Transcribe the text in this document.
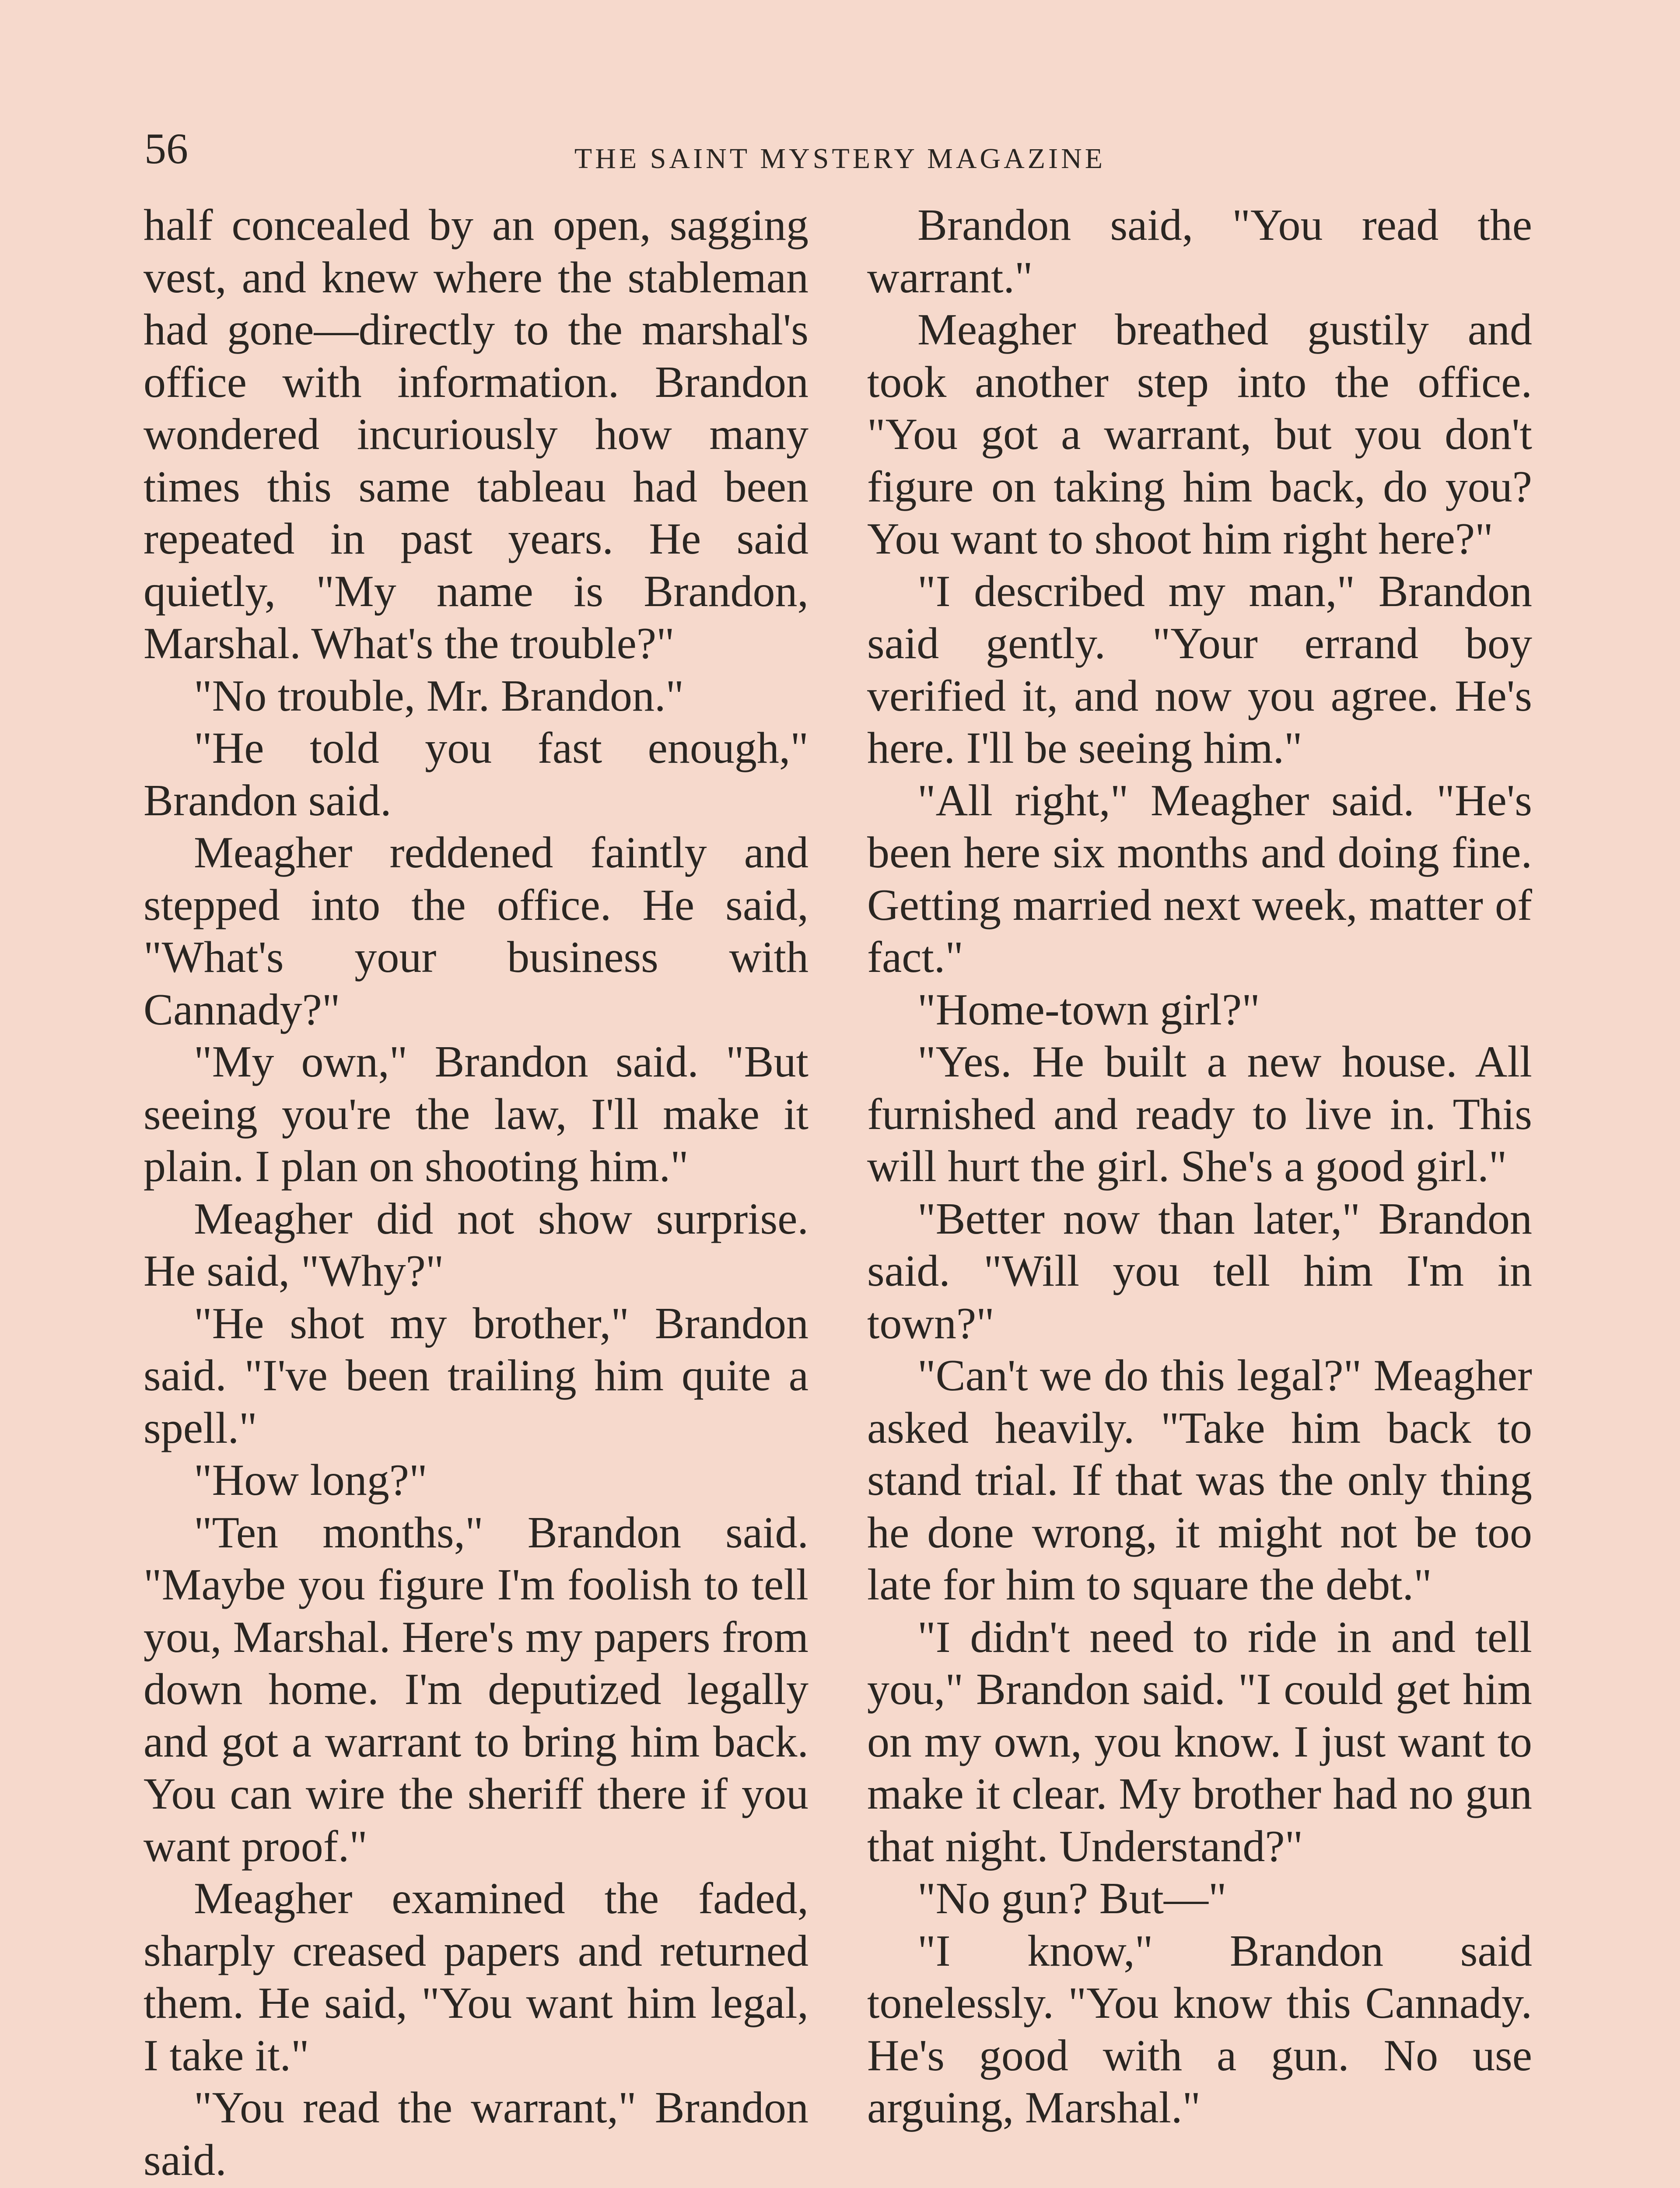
56	THE SAINT MYSTERY MAGAZINE

half concealed by an open, sagging vest, and knew where the stableman had gone—directly to the marshal's office with information. Brandon wondered incuriously how many times this same tableau had been repeated in past years. He said quietly, "My name is Brandon, Marshal. What's the trouble?"

"No trouble, Mr. Brandon."

"He told you fast enough," Brandon said.

Meagher reddened faintly and stepped into the office. He said, "What's your business with Cannady?"

"My own," Brandon said. "But seeing you're the law, I'll make it plain. I plan on shooting him."

Meagher did not show surprise. He said, "Why?"

"He shot my brother," Brandon said. "I've been trailing him quite a spell."

"How long?"

"Ten months," Brandon said. "Maybe you figure I'm foolish to tell you, Marshal. Here's my papers from down home. I'm deputized legally and got a warrant to bring him back. You can wire the sheriff there if you want proof."

Meagher examined the faded, sharply creased papers and returned them. He said, "You want him legal, I take it."

"You read the warrant," Brandon said.

Brandon said, "You read the warrant."

Meagher breathed gustily and took another step into the office. "You got a warrant, but you don't figure on taking him back, do you? You want to shoot him right here?"

"I described my man," Brandon said gently. "Your errand boy verified it, and now you agree. He's here. I'll be seeing him."

"All right," Meagher said. "He's been here six months and doing fine. Getting married next week, matter of fact."

"Home-town girl?"

"Yes. He built a new house. All furnished and ready to live in. This will hurt the girl. She's a good girl."

"Better now than later," Brandon said. "Will you tell him I'm in town?"

"Can't we do this legal?" Meagher asked heavily. "Take him back to stand trial. If that was the only thing he done wrong, it might not be too late for him to square the debt."

"I didn't need to ride in and tell you," Brandon said. "I could get him on my own, you know. I just want to make it clear. My brother had no gun that night. Understand?"

"No gun? But—"

"I know," Brandon said tonelessly. "You know this Cannady. He's good with a gun. No use arguing, Marshal."
